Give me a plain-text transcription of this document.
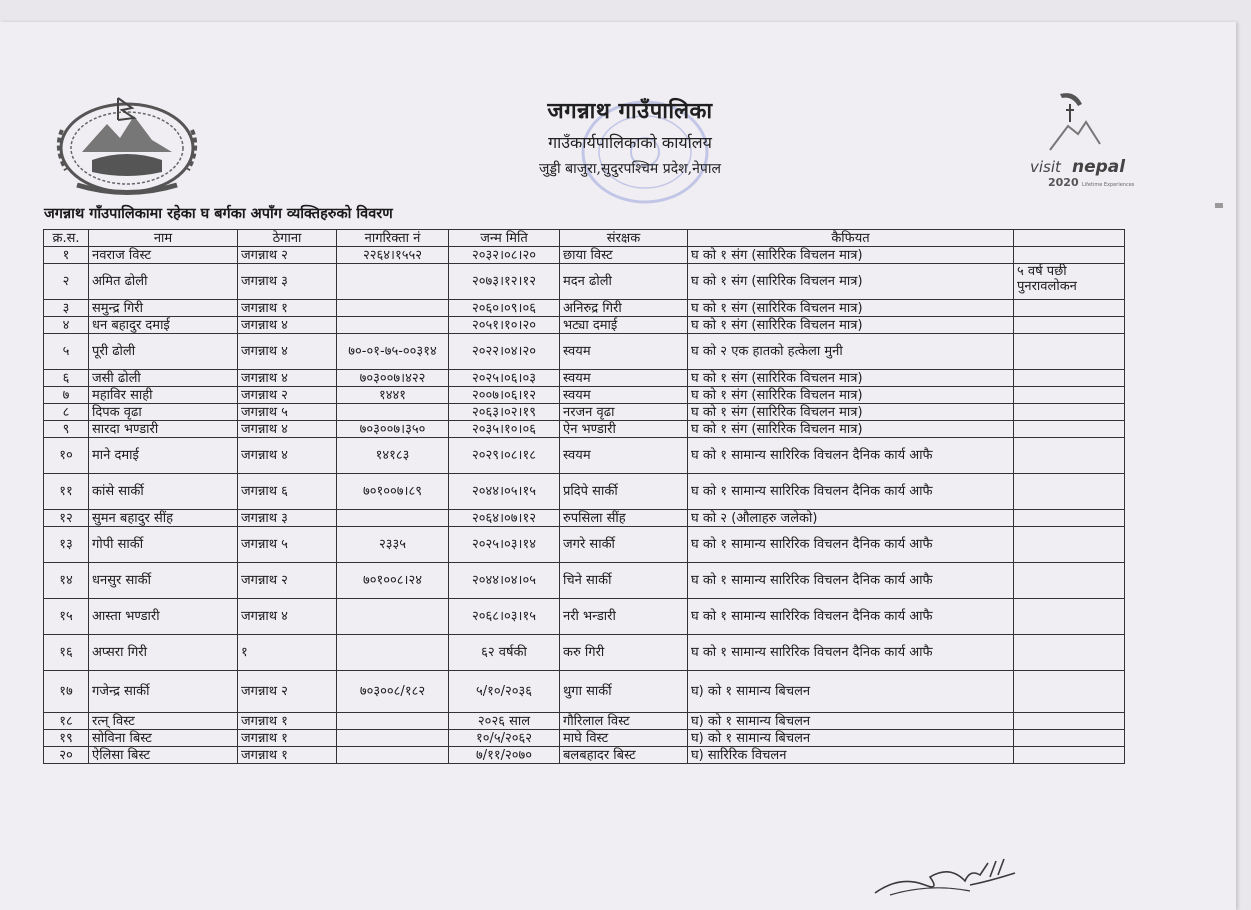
जगन्नाथ गाउँपालिका
गाउँकार्यपालिकाको कार्यालय
जुड्डी बाजुरा,सुदुरपश्चिम प्रदेश,नेपाल	visit nepal
2020 Lifetime Experiences
जगन्नाथ गाँउपालिकामा रहेका घ बर्गका अपाँग व्यक्तिहरुको विवरण
क्र.स.	नाम	ठेगाना	नागरिक्ता नं	जन्म मिति	संरक्षक	कैफियत	
१	नवराज विस्ट	जगन्नाथ २	२२६४।१५५२	२०३२।०८।२०	छाया विस्ट	घ को १ संग (सारिरिक विचलन मात्र)	
२	अमित ढोली	जगन्नाथ ३		२०७३।१२।१२	मदन ढोली	घ को १ संग (सारिरिक विचलन मात्र)	५ वर्ष पछी पुनरावलोकन
३	समुन्द्र गिरी	जगन्नाथ १		२०६०।०९।०६	अनिरुद्र गिरी	घ को १ संग (सारिरिक विचलन मात्र)	
४	धन बहादुर दमाई	जगन्नाथ ४		२०५१।१०।२०	भट्या दमाई	घ को १ संग (सारिरिक विचलन मात्र)	
५	पूरी ढोली	जगन्नाथ ४	७०-०१-७५-००३१४	२०२२।०४।२०	स्वयम	घ को २ एक हातको हत्केला मुनी	
६	जसी ढोली	जगन्नाथ ४	७०३००७।४२२	२०२५।०६।०३	स्वयम	घ को १ संग (सारिरिक विचलन मात्र)	
७	महाविर साही	जगन्नाथ २	१४४१	२००७।०६।१२	स्वयम	घ को १ संग (सारिरिक विचलन मात्र)	
८	दिपक वृढा	जगन्नाथ ५		२०६३।०२।१९	नरजन वृढा	घ को १ संग (सारिरिक विचलन मात्र)	
९	सारदा भण्डारी	जगन्नाथ ४	७०३००७।३५०	२०३५।१०।०६	ऐन भण्डारी	घ को १ संग (सारिरिक विचलन मात्र)	
१०	माने दमाई	जगन्नाथ ४	१४१८३	२०२९।०८।१८	स्वयम	घ को १ सामान्य सारिरिक विचलन दैनिक कार्य आफै	
११	कांसे सार्की	जगन्नाथ ६	७०१००७।८९	२०४४।०५।१५	प्रदिपे सार्की	घ को १ सामान्य सारिरिक विचलन दैनिक कार्य आफै	
१२	सुमन बहादुर सींह	जगन्नाथ ३		२०६४।०७।१२	रुपसिला सींह	घ को २ (औलाहरु जलेको)	
१३	गोपी सार्की	जगन्नाथ ५	२३३५	२०२५।०३।१४	जगरे सार्की	घ को १ सामान्य सारिरिक विचलन दैनिक कार्य आफै	
१४	धनसुर सार्की	जगन्नाथ २	७०१००८।२४	२०४४।०४।०५	चिने सार्की	घ को १ सामान्य सारिरिक विचलन दैनिक कार्य आफै	
१५	आस्ता भण्डारी	जगन्नाथ ४		२०६८।०३।१५	नरी भन्डारी	घ को १ सामान्य सारिरिक विचलन दैनिक कार्य आफै	
१६	अप्सरा गिरी	१		६२ वर्षकी	करु गिरी	घ को १ सामान्य सारिरिक विचलन दैनिक कार्य आफै	
१७	गजेन्द्र सार्की	जगन्नाथ २	७०३००८/१८२	५/१०/२०३६	थुगा सार्की	घ) को १ सामान्य बिचलन	
१८	रत्न् विस्ट	जगन्नाथ १		२०२६ साल	गौरिलाल विस्ट	घ) को १ सामान्य बिचलन	
१९	सोविना बिस्ट	जगन्नाथ १		१०/५/२०६२	माघे विस्ट	घ) को १ सामान्य बिचलन	
२०	ऐलिसा बिस्ट	जगन्नाथ १		७/११/२०७०	बलबहादर बिस्ट	घ) सारिरिक विचलन	
